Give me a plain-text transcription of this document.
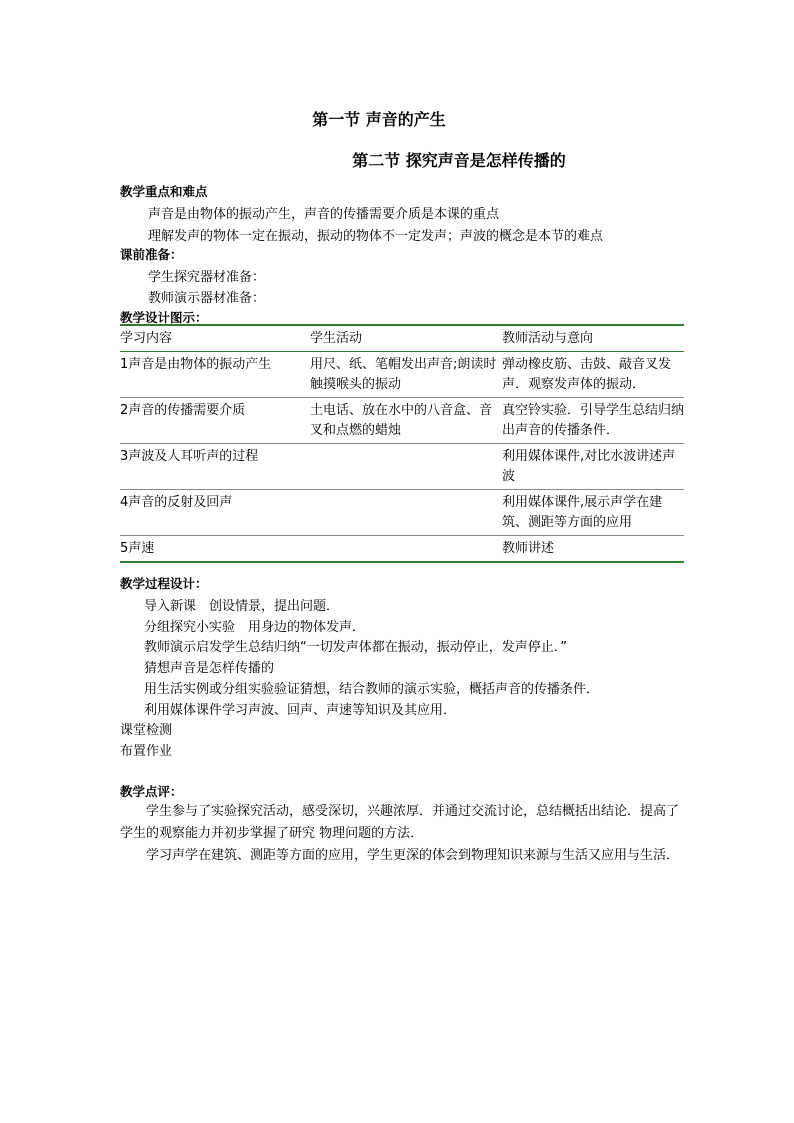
第一节 声音的产生
第二节 探究声音是怎样传播的
教学重点和难点
声音是由物体的振动产生，声音的传播需要介质是本课的重点
理解发声的物体一定在振动，振动的物体不一定发声；声波的概念是本节的难点
课前准备：
学生探究器材准备：
教师演示器材准备：
教学设计图示：
学习内容	学生活动	教师活动与意向
1声音是由物体的振动产生	用尺、纸、笔帽发出声音;朗读时触摸喉头的振动	弹动橡皮筋、击鼓、敲音叉发声．观察发声体的振动．
2声音的传播需要介质	土电话、放在水中的八音盒、音叉和点燃的蜡烛	真空铃实验．引导学生总结归纳出声音的传播条件．
3声波及人耳听声的过程		利用媒体课件,对比水波讲述声波
4声音的反射及回声		利用媒体课件,展示声学在建筑、测距等方面的应用
5声速		教师讲述
教学过程设计：
导入新课　创设情景，提出问题．
分组探究小实验　用身边的物体发声．
教师演示启发学生总结归纳“一切发声体都在振动，振动停止，发声停止．”
猜想声音是怎样传播的
用生活实例或分组实验验证猜想，结合教师的演示实验，概括声音的传播条件．
利用媒体课件学习声波、回声、声速等知识及其应用．
课堂检测
布置作业
教学点评：
学生参与了实验探究活动，感受深切，兴趣浓厚．并通过交流讨论，总结概括出结论．提高了学生的观察能力并初步掌握了研究 物理问题的方法．
学习声学在建筑、测距等方面的应用，学生更深的体会到物理知识来源与生活又应用与生活．
